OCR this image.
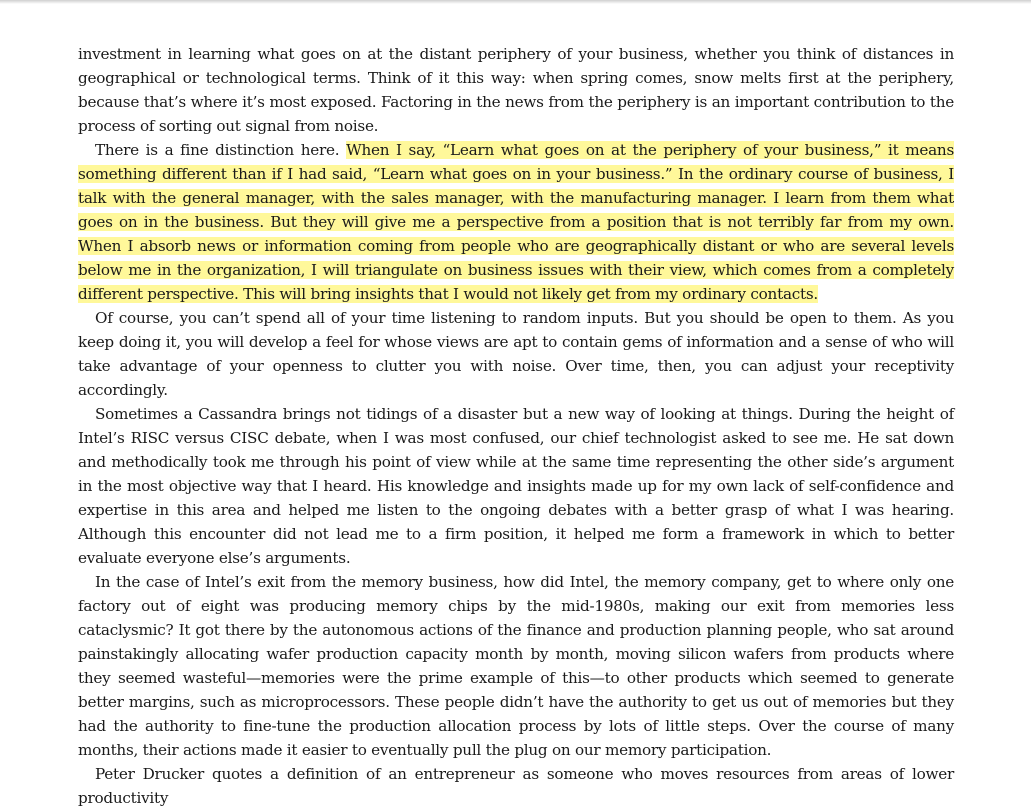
investment in learning what goes on at the distant periphery of your business, whether you think of distances in geographical or technological terms. Think of it this way: when spring comes, snow melts first at the periphery, because that’s where it’s most exposed. Factoring in the news from the periphery is an important contribution to the process of sorting out signal from noise.

There is a fine distinction here. When I say, “Learn what goes on at the periphery of your business,” it means something different than if I had said, “Learn what goes on in your business.” In the ordinary course of business, I talk with the general manager, with the sales manager, with the manufacturing manager. I learn from them what goes on in the business. But they will give me a perspective from a position that is not terribly far from my own. When I absorb news or information coming from people who are geographically distant or who are several levels below me in the organization, I will triangulate on business issues with their view, which comes from a completely different perspective. This will bring insights that I would not likely get from my ordinary contacts.

Of course, you can’t spend all of your time listening to random inputs. But you should be open to them. As you keep doing it, you will develop a feel for whose views are apt to contain gems of information and a sense of who will take advantage of your openness to clutter you with noise. Over time, then, you can adjust your receptivity accordingly.

Sometimes a Cassandra brings not tidings of a disaster but a new way of looking at things. During the height of Intel’s RISC versus CISC debate, when I was most confused, our chief technologist asked to see me. He sat down and methodically took me through his point of view while at the same time representing the other side’s argument in the most objective way that I heard. His knowledge and insights made up for my own lack of self-confidence and expertise in this area and helped me listen to the ongoing debates with a better grasp of what I was hearing. Although this encounter did not lead me to a firm position, it helped me form a framework in which to better evaluate everyone else’s arguments.

In the case of Intel’s exit from the memory business, how did Intel, the memory company, get to where only one factory out of eight was producing memory chips by the mid-1980s, making our exit from memories less cataclysmic? It got there by the autonomous actions of the finance and production planning people, who sat around painstakingly allocating wafer production capacity month by month, moving silicon wafers from products where they seemed wasteful—memories were the prime example of this—to other products which seemed to generate better margins, such as microprocessors. These people didn’t have the authority to get us out of memories but they had the authority to fine-tune the production allocation process by lots of little steps. Over the course of many months, their actions made it easier to eventually pull the plug on our memory participation.

Peter Drucker quotes a definition of an entrepreneur as someone who moves resources from areas of lower productivity
